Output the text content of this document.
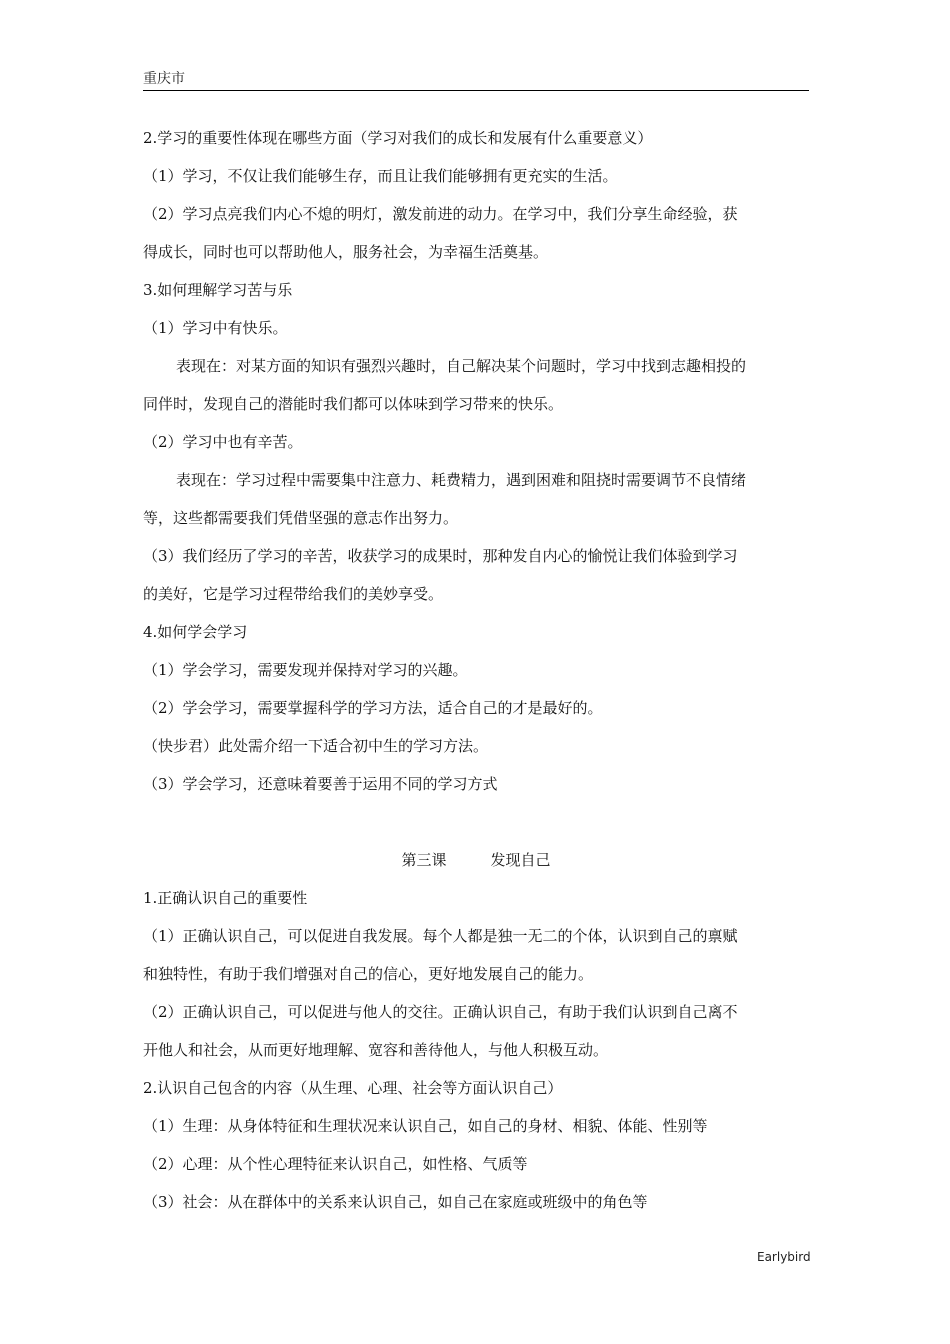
重庆市
2.学习的重要性体现在哪些方面（学习对我们的成长和发展有什么重要意义）
（1）学习，不仅让我们能够生存，而且让我们能够拥有更充实的生活。
（2）学习点亮我们内心不熄的明灯，激发前进的动力。在学习中，我们分享生命经验，获
得成长，同时也可以帮助他人，服务社会，为幸福生活奠基。
3.如何理解学习苦与乐
（1）学习中有快乐。
表现在：对某方面的知识有强烈兴趣时，自己解决某个问题时，学习中找到志趣相投的
同伴时，发现自己的潜能时我们都可以体味到学习带来的快乐。
（2）学习中也有辛苦。
表现在：学习过程中需要集中注意力、耗费精力，遇到困难和阻挠时需要调节不良情绪
等，这些都需要我们凭借坚强的意志作出努力。
（3）我们经历了学习的辛苦，收获学习的成果时，那种发自内心的愉悦让我们体验到学习
的美好，它是学习过程带给我们的美妙享受。
4.如何学会学习
（1）学会学习，需要发现并保持对学习的兴趣。
（2）学会学习，需要掌握科学的学习方法，适合自己的才是最好的。
（快步君）此处需介绍一下适合初中生的学习方法。
（3）学会学习，还意味着要善于运用不同的学习方式
第三课	发现自己
1.正确认识自己的重要性
（1）正确认识自己，可以促进自我发展。每个人都是独一无二的个体，认识到自己的禀赋
和独特性，有助于我们增强对自己的信心，更好地发展自己的能力。
（2）正确认识自己，可以促进与他人的交往。正确认识自己，有助于我们认识到自己离不
开他人和社会，从而更好地理解、宽容和善待他人，与他人积极互动。
2.认识自己包含的内容（从生理、心理、社会等方面认识自己）
（1）生理：从身体特征和生理状况来认识自己，如自己的身材、相貌、体能、性别等
（2）心理：从个性心理特征来认识自己，如性格、气质等
（3）社会：从在群体中的关系来认识自己，如自己在家庭或班级中的角色等
Earlybird
